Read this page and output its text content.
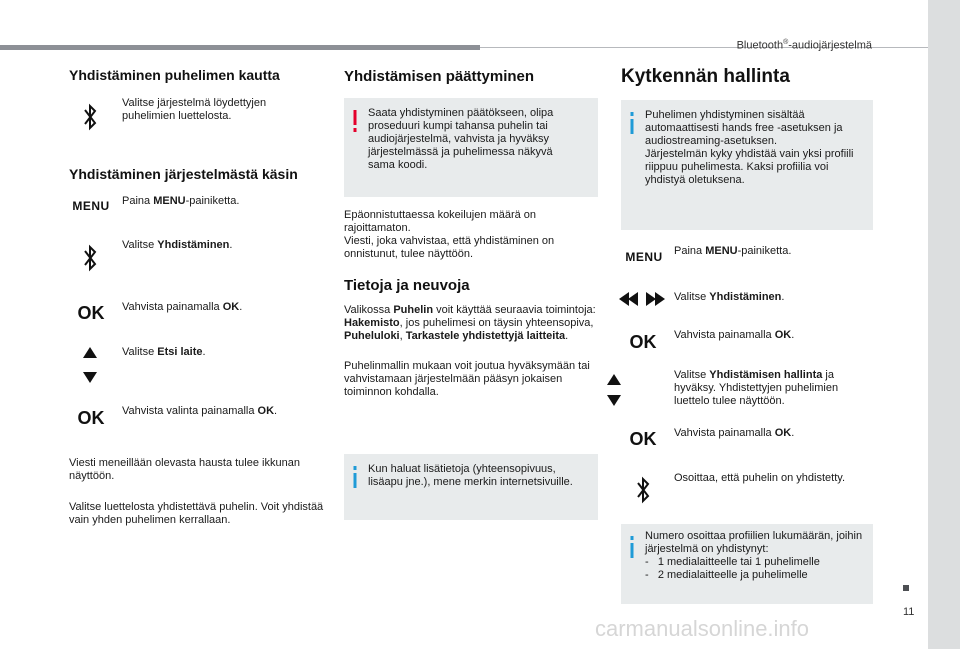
Bluetooth®-audiojärjestelmä
11
carmanualsonline.info
Yhdistäminen puhelimen kautta
Valitse järjestelmä löydettyjen puhelimien luettelosta.
Yhdistäminen järjestelmästä käsin
MENU	Paina MENU-painiketta.
Valitse Yhdistäminen.
OK	Vahvista painamalla OK.
Valitse Etsi laite.
OK	Vahvista valinta painamalla OK.
Viesti meneillään olevasta hausta tulee ikkunan näyttöön.
Valitse luettelosta yhdistettävä puhelin. Voit yhdistää vain yhden puhelimen kerrallaan.
Yhdistämisen päättyminen
Saata yhdistyminen päätökseen, olipa proseduuri kumpi tahansa puhelin tai audiojärjestelmä, vahvista ja hyväksy järjestelmässä ja puhelimessa näkyvä sama koodi.
Epäonnistuttaessa kokeilujen määrä on rajoittamaton.
Viesti, joka vahvistaa, että yhdistäminen on onnistunut, tulee näyttöön.
Tietoja ja neuvoja
Valikossa Puhelin voit käyttää seuraavia toimintoja: Hakemisto, jos puhelimesi on täysin yhteensopiva, Puheluloki, Tarkastele yhdistettyjä laitteita.
Puhelinmallin mukaan voit joutua hyväksymään tai vahvistamaan järjestelmään pääsyn jokaisen toiminnon kohdalla.
Kun haluat lisätietoja (yhteensopivuus, lisäapu jne.), mene merkin internetsivuille.
Kytkennän hallinta
Puhelimen yhdistyminen sisältää automaattisesti hands free -asetuksen ja audiostreaming-asetuksen.
Järjestelmän kyky yhdistää vain yksi profiili riippuu puhelimesta. Kaksi profiilia voi yhdistyä oletuksena.
MENU	Paina MENU-painiketta.
Valitse Yhdistäminen.
OK	Vahvista painamalla OK.
Valitse Yhdistämisen hallinta ja hyväksy. Yhdistettyjen puhelimien luettelo tulee näyttöön.
OK	Vahvista painamalla OK.
Osoittaa, että puhelin on yhdistetty.
Numero osoittaa profiilien lukumäärän, joihin järjestelmä on yhdistynyt:
-   1 medialaitteelle tai 1 puhelimelle
-   2 medialaitteelle ja puhelimelle
